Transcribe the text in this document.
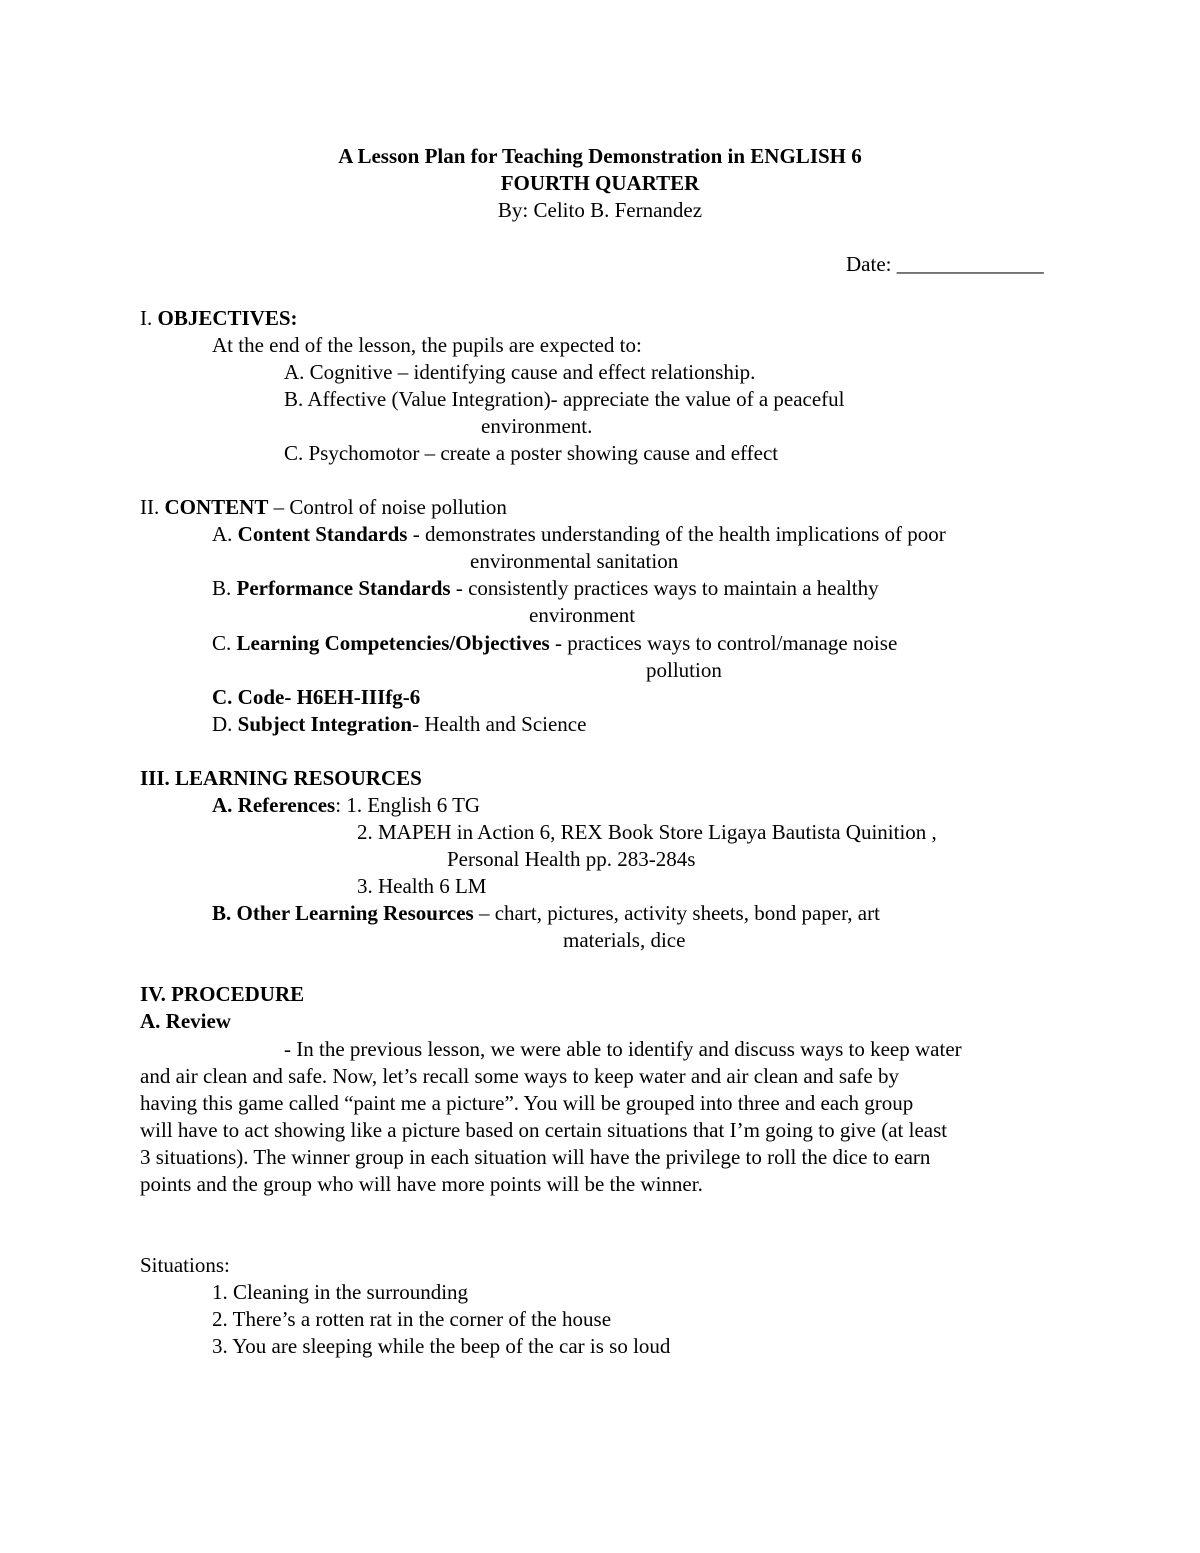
A Lesson Plan for Teaching Demonstration in ENGLISH 6
FOURTH QUARTER
By: Celito B. Fernandez
Date: ______________
I. OBJECTIVES:
At the end of the lesson, the pupils are expected to:
A. Cognitive – identifying cause and effect relationship.
B. Affective (Value Integration)- appreciate the value of a peaceful
environment.
C. Psychomotor – create a poster showing cause and effect
II. CONTENT – Control of noise pollution
A. Content Standards - demonstrates understanding of the health implications of poor
environmental sanitation
B. Performance Standards - consistently practices ways to maintain a healthy
environment
C. Learning Competencies/Objectives - practices ways to control/manage noise
pollution
C. Code- H6EH-IIIfg-6
D. Subject Integration- Health and Science
III. LEARNING RESOURCES
A. References: 1. English 6 TG
2. MAPEH in Action 6, REX Book Store Ligaya Bautista Quinition ,
Personal Health pp. 283-284s
3. Health 6 LM
B. Other Learning Resources – chart, pictures, activity sheets, bond paper, art
materials, dice
IV. PROCEDURE
A. Review
- In the previous lesson, we were able to identify and discuss ways to keep water
and air clean and safe. Now, let’s recall some ways to keep water and air clean and safe by
having this game called “paint me a picture”. You will be grouped into three and each group
will have to act showing like a picture based on certain situations that I’m going to give (at least
3 situations). The winner group in each situation will have the privilege to roll the dice to earn
points and the group who will have more points will be the winner.
Situations:
1. Cleaning in the surrounding
2. There’s a rotten rat in the corner of the house
3. You are sleeping while the beep of the car is so loud
